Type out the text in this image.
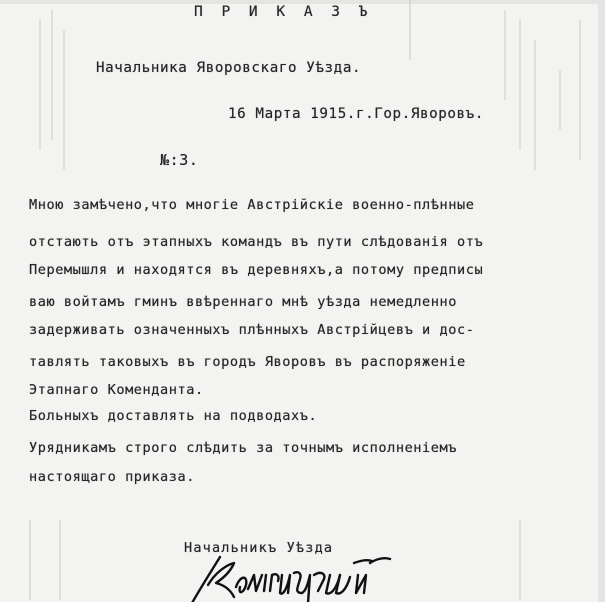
П Р И К А З Ъ
Начальника Яворовскаго Уѣзда.
16 Марта 1915.г.Гор.Яворовъ.
№:3.
Мною замѣчено,что многіе Австрійскіе военно-плѣнные
отстають отъ этапныхъ командъ въ пути слѣдованія отъ
Перемышля и находятся въ деревняхъ,а потому предписы
ваю войтамъ гминъ ввѣреннаго мнѣ уѣзда немедленно
задерживать означенныхъ плѣнныхъ Австрійцевъ и дос-
тавлять таковыхъ въ городъ Яворовъ въ распоряженіе
Этапнаго Коменданта.
Больныхъ доставлять на подводахъ.
Урядникамъ строго слѣдить за точнымъ исполненіемъ
настоящаго приказа.
Начальникъ Уѣзда
